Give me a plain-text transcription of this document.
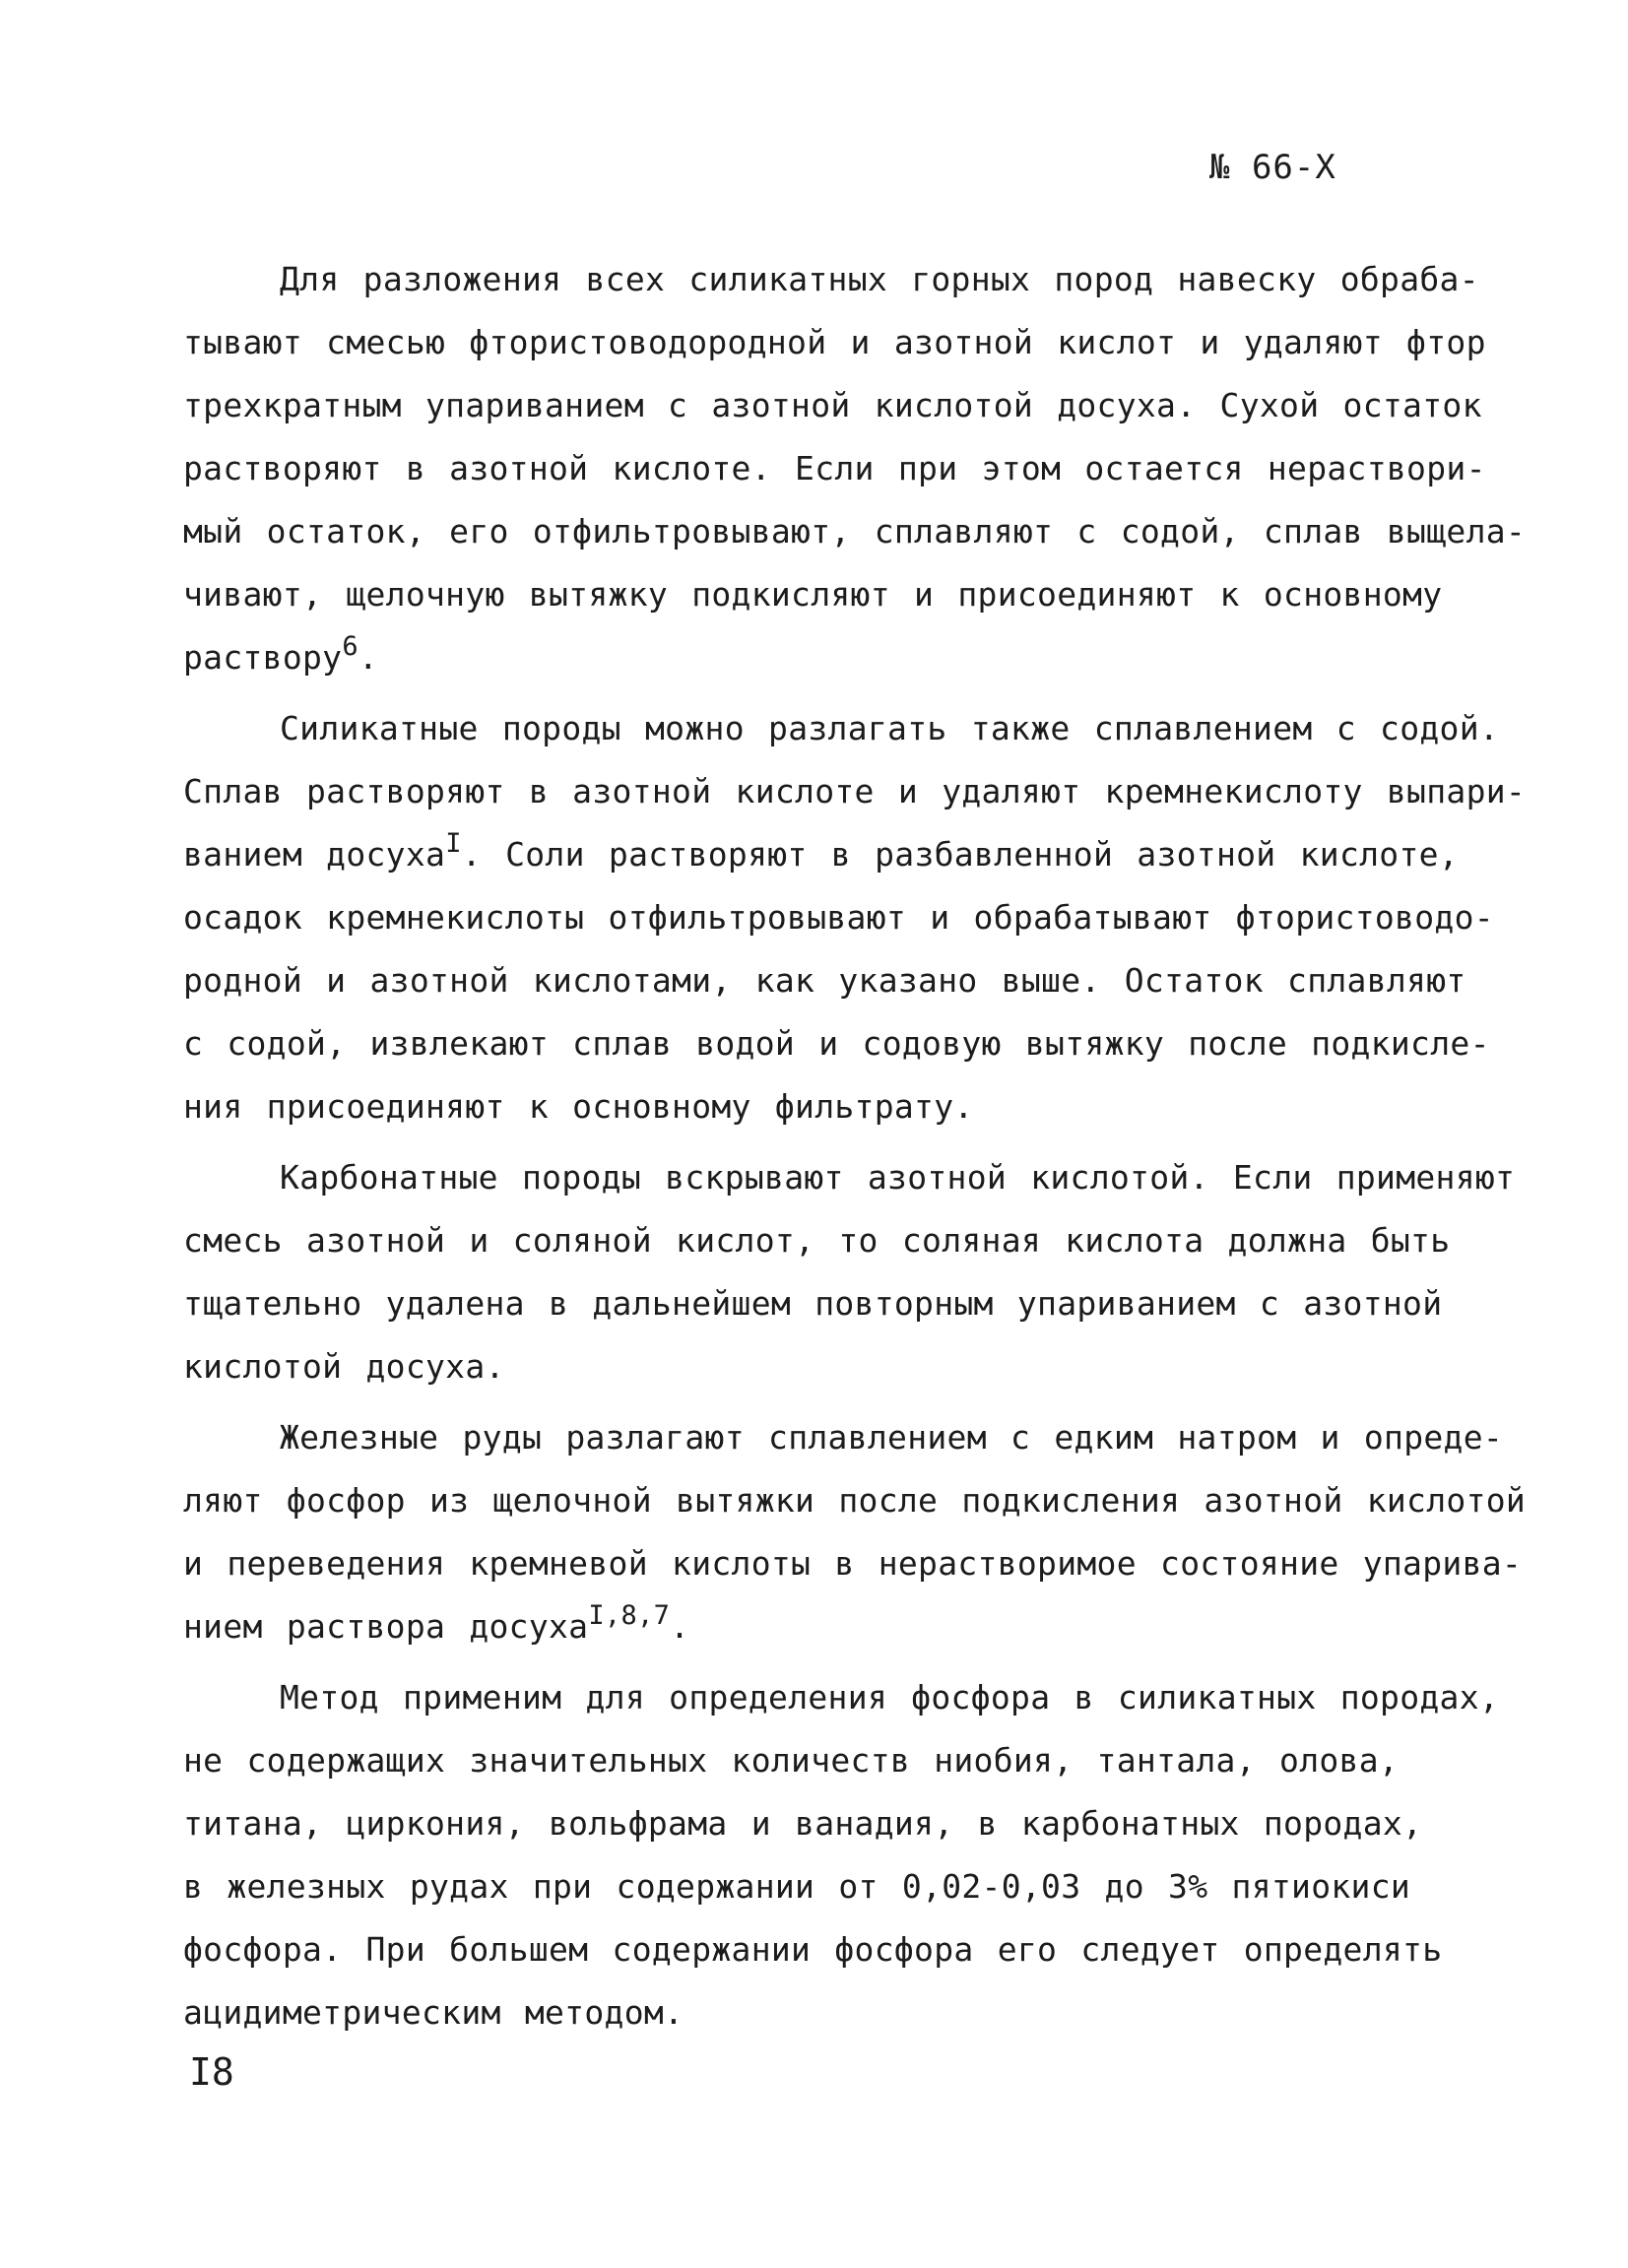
№ 66-X

Для разложения всех силикатных горных пород навеску обраба-
тывают смесью фтористоводородной и азотной кислот и удаляют фтор
трехкратным упариванием с азотной кислотой досуха. Сухой остаток
растворяют в азотной кислоте. Если при этом остается нераствори-
мый остаток, его отфильтровывают, сплавляют с содой, сплав выщела-
чивают, щелочную вытяжку подкисляют и присоединяют к основному
раствору$^6$.

Силикатные породы можно разлагать также сплавлением с содой.
Сплав растворяют в азотной кислоте и удаляют кремнекислоту выпари-
ванием досуха$^I$. Соли растворяют в разбавленной азотной кислоте,
осадок кремнекислоты отфильтровывают и обрабатывают фтористоводо-
родной и азотной кислотами, как указано выше. Остаток сплавляют
с содой, извлекают сплав водой и содовую вытяжку после подкисле-
ния присоединяют к основному фильтрату.

Карбонатные породы вскрывают азотной кислотой. Если применяют
смесь азотной и соляной кислот, то соляная кислота должна быть
тщательно удалена в дальнейшем повторным упариванием с азотной
кислотой досуха.

Железные руды разлагают сплавлением с едким натром и опреде-
ляют фосфор из щелочной вытяжки после подкисления азотной кислотой
и переведения кремневой кислоты в нерастворимое состояние упарива-
нием раствора досуха$^{I,8,7}$.

Метод применим для определения фосфора в силикатных породах,
не содержащих значительных количеств ниобия, тантала, олова,
титана, циркония, вольфрама и ванадия, в карбонатных породах,
в железных рудах при содержании от 0,02-0,03 до 3% пятиокиси
фосфора. При большем содержании фосфора его следует определять
ацидиметрическим методом.

I8
